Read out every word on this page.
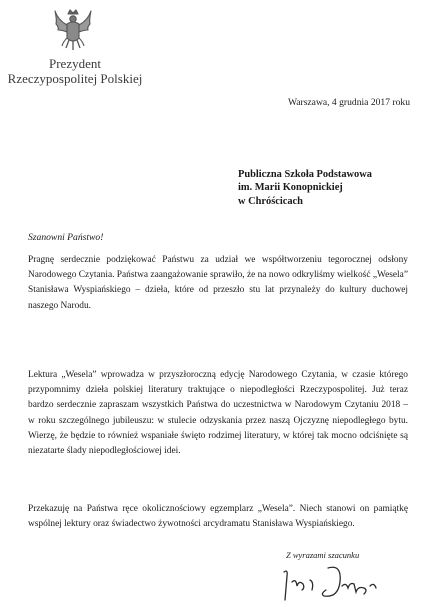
Prezydent
Rzeczypospolitej Polskiej
Warszawa, 4 grudnia 2017 roku
Publiczna Szkoła Podstawowa
im. Marii Konopnickiej
w Chróścicach
Szanowni Państwo!

Pragnę serdecznie podziękować Państwu za udział we współtworzeniu tegorocznej odsłony Narodowego Czytania. Państwa zaangażowanie sprawiło, że na nowo odkryliśmy wielkość „Wesela” Stanisława Wyspiańskiego – dzieła, które od przeszło stu lat przynależy do kultury duchowej naszego Narodu.

Lektura „Wesela” wprowadza w przyszłoroczną edycję Narodowego Czytania, w czasie którego przypomnimy dzieła polskiej literatury traktujące o niepodległości Rzeczypospolitej. Już teraz bardzo serdecznie zapraszam wszystkich Państwa do uczestnictwa w Narodowym Czytaniu 2018 – w roku szczególnego jubileuszu: w stulecie odzyskania przez naszą Ojczyznę niepodległego bytu. Wierzę, że będzie to również wspaniałe święto rodzimej literatury, w której tak mocno odciśnięte są niezatarte ślady niepodległościowej idei.

Przekazuję na Państwa ręce okolicznościowy egzemplarz „Wesela”. Niech stanowi on pamiątkę wspólnej lektury oraz świadectwo żywotności arcydramatu Stanisława Wyspiańskiego.

Z wyrazami szacunku
